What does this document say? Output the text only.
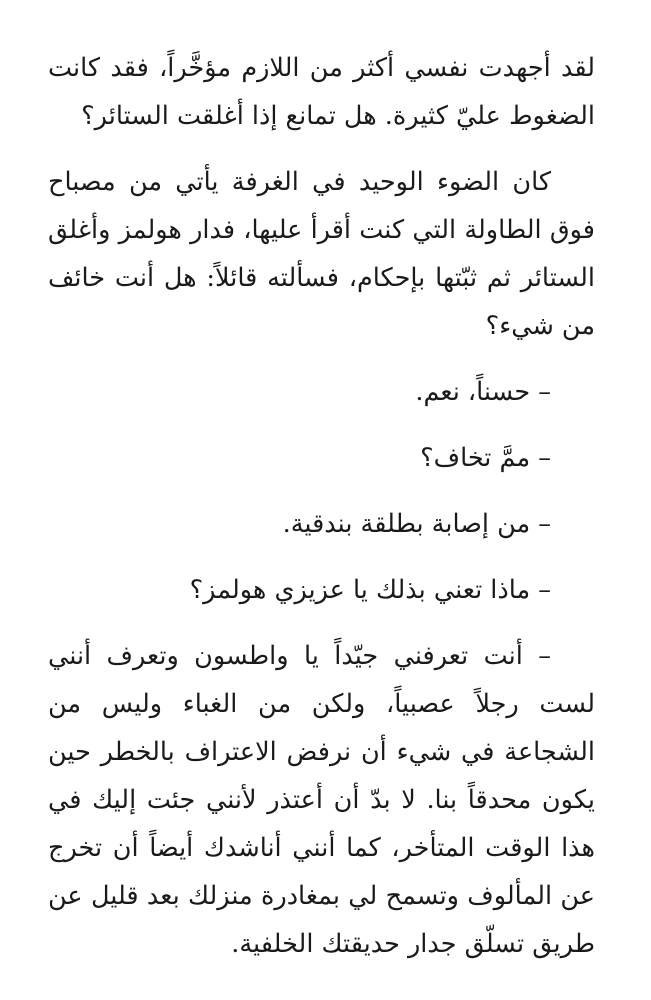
لقد أجهدت نفسي أكثر من اللازم مؤخَّراً، فقد كانت الضغوط عليّ كثيرة. هل تمانع إذا أغلقت الستائر؟

كان الضوء الوحيد في الغرفة يأتي من مصباح فوق الطاولة التي كنت أقرأ عليها، فدار هولمز وأغلق الستائر ثم ثبّتها بإحكام، فسألته قائلاً: هل أنت خائف من شيء؟

– حسناً، نعم.

– ممَّ تخاف؟

– من إصابة بطلقة بندقية.

– ماذا تعني بذلك يا عزيزي هولمز؟

– أنت تعرفني جيّداً يا واطسون وتعرف أنني لست رجلاً عصبياً، ولكن من الغباء وليس من الشجاعة في شيء أن نرفض الاعتراف بالخطر حين يكون محدقاً بنا. لا بدّ أن أعتذر لأنني جئت إليك في هذا الوقت المتأخر، كما أنني أناشدك أيضاً أن تخرج عن المألوف وتسمح لي بمغادرة منزلك بعد قليل عن طريق تسلّق جدار حديقتك الخلفية.
